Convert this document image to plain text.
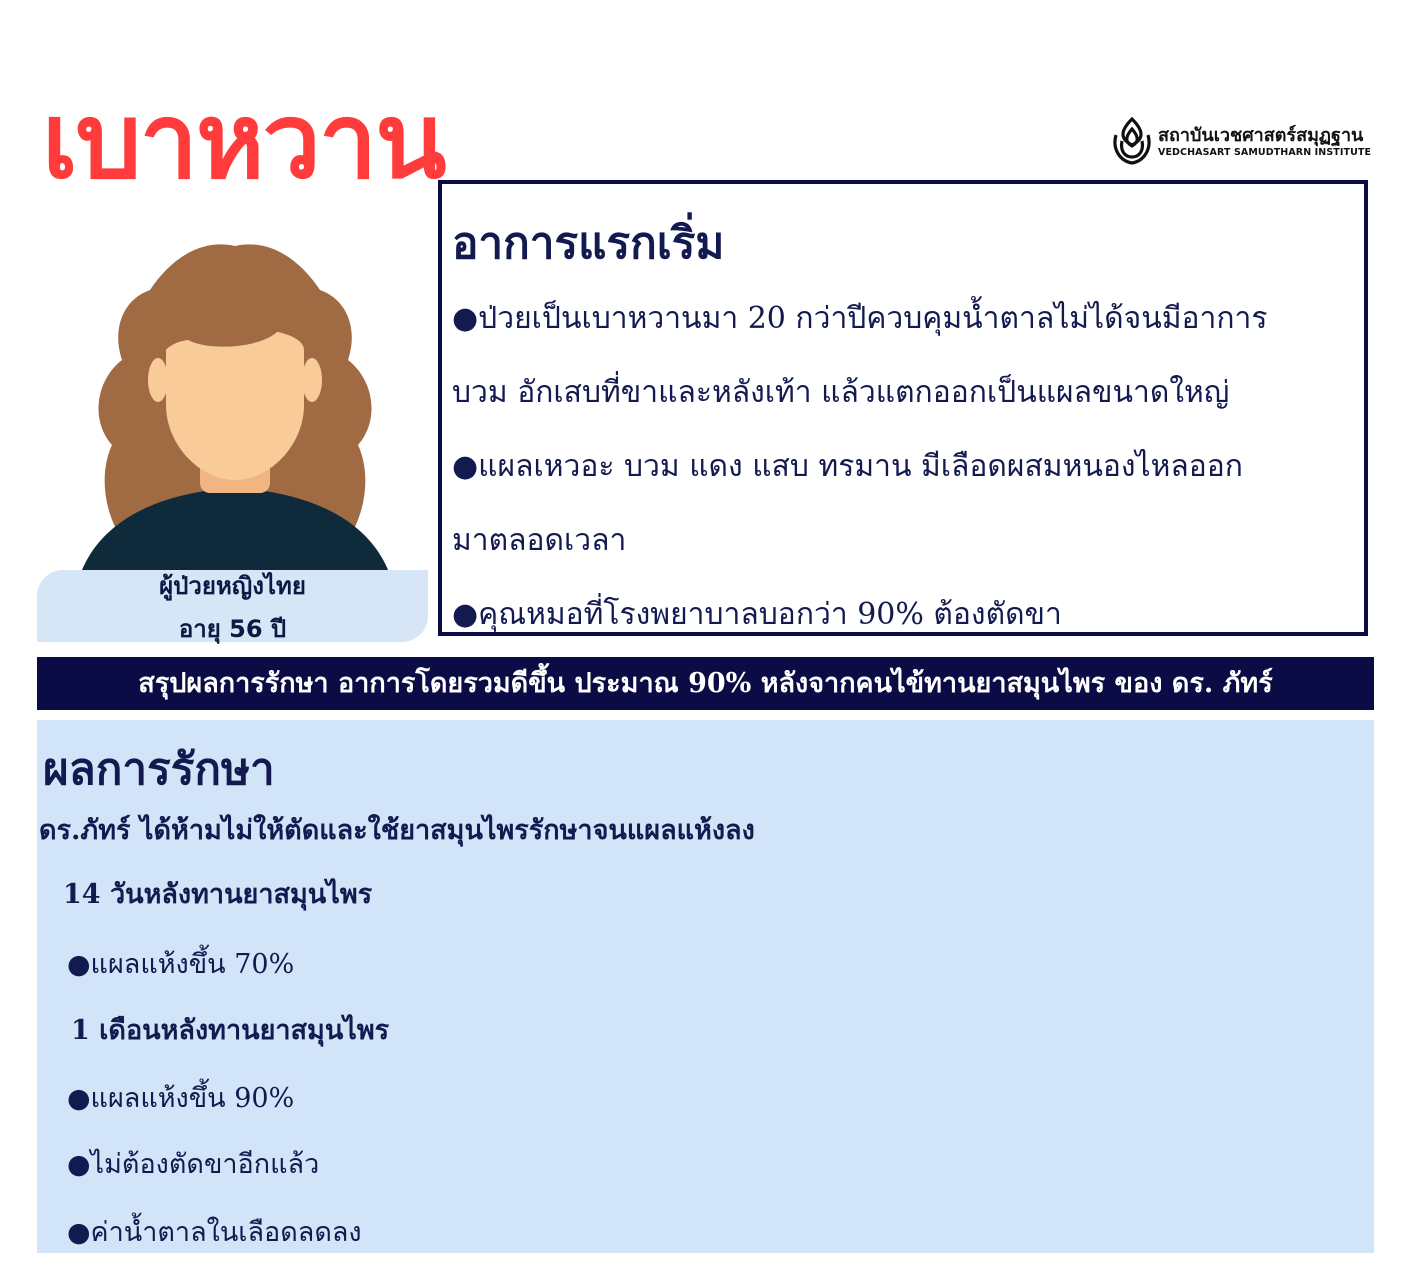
เบาหวาน	สถาบันเวชศาสตร์สมุฏฐาน
VEDCHASART SAMUDTHARN INSTITUTE
ผู้ป่วยหญิงไทย
อายุ 56 ปี
อาการแรกเริ่ม
●ป่วยเป็นเบาหวานมา 20 กว่าปีควบคุมน้ำตาลไม่ได้จนมีอาการ
บวม อักเสบที่ขาและหลังเท้า แล้วแตกออกเป็นแผลขนาดใหญ่
●แผลเหวอะ บวม แดง แสบ ทรมาน มีเลือดผสมหนองไหลออก
มาตลอดเวลา
●คุณหมอที่โรงพยาบาลบอกว่า 90% ต้องตัดขา
สรุปผลการรักษา อาการโดยรวมดีขึ้น ประมาณ 90% หลังจากคนไข้ทานยาสมุนไพร ของ ดร. ภัทร์
ผลการรักษา
ดร.ภัทร์ ได้ห้ามไม่ให้ตัดและใช้ยาสมุนไพรรักษาจนแผลแห้งลง
14 วันหลังทานยาสมุนไพร
●แผลแห้งขึ้น 70%
1 เดือนหลังทานยาสมุนไพร
●แผลแห้งขึ้น 90%
●ไม่ต้องตัดขาอีกแล้ว
●ค่าน้ำตาลในเลือดลดลง
